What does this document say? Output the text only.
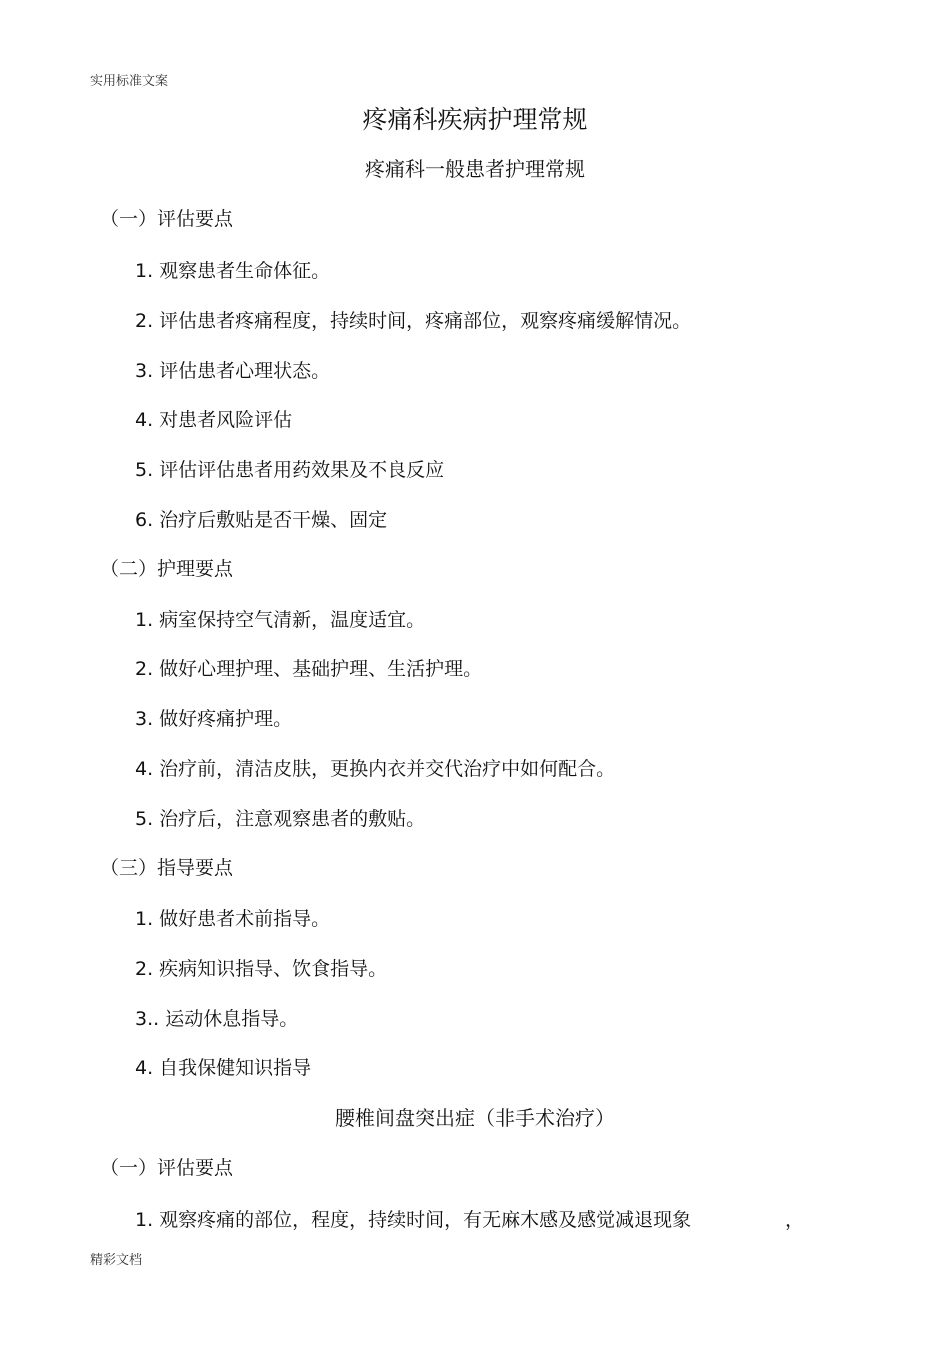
实用标准文案
疼痛科疾病护理常规
疼痛科一般患者护理常规
（一）评估要点
1. 观察患者生命体征。
2. 评估患者疼痛程度，持续时间，疼痛部位，观察疼痛缓解情况。
3. 评估患者心理状态。
4. 对患者风险评估
5. 评估评估患者用药效果及不良反应
6. 治疗后敷贴是否干燥、固定
（二）护理要点
1. 病室保持空气清新，温度适宜。
2. 做好心理护理、基础护理、生活护理。
3. 做好疼痛护理。
4. 治疗前，清洁皮肤，更换内衣并交代治疗中如何配合。
5. 治疗后，注意观察患者的敷贴。
（三）指导要点
1. 做好患者术前指导。
2. 疾病知识指导、饮食指导。
3.. 运动休息指导。
4. 自我保健知识指导
腰椎间盘突出症（非手术治疗）
（一）评估要点
1. 观察疼痛的部位，程度，持续时间，有无麻木感及感觉减退现象	，
精彩文档
